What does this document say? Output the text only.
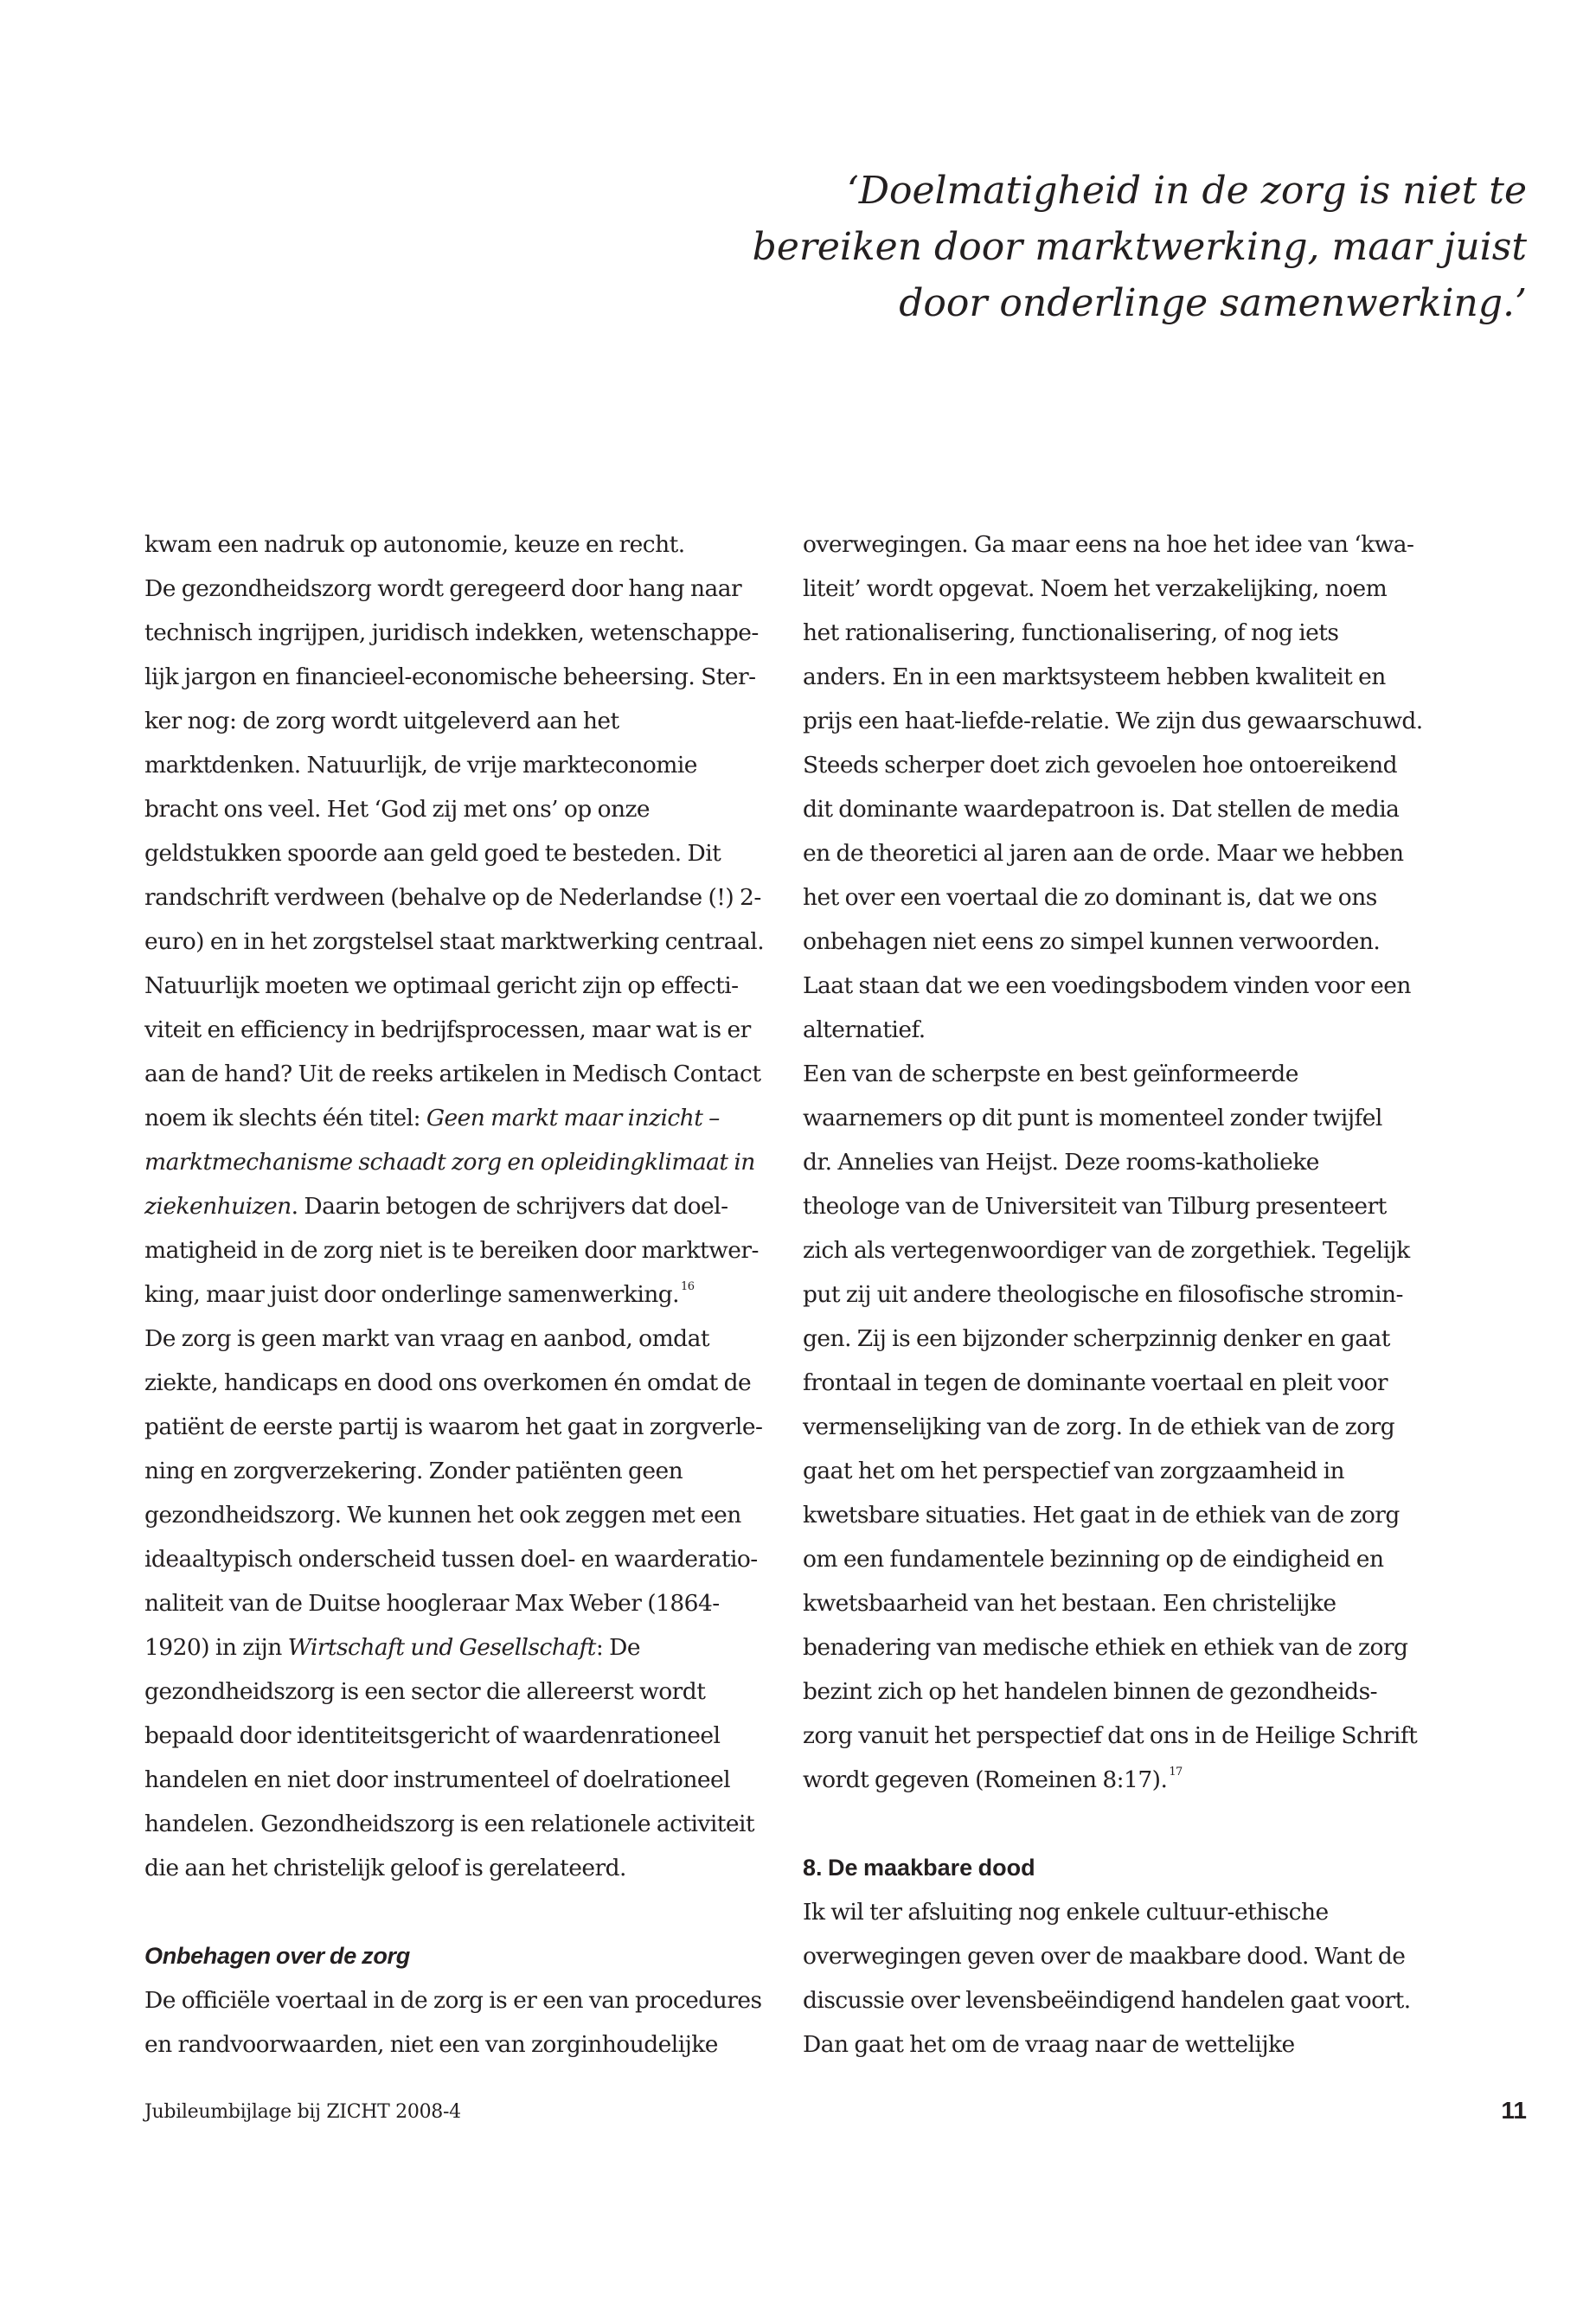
‘Doelmatigheid in de zorg is niet te
bereiken door marktwerking, maar juist
door onderlinge samenwerking.’
kwam een nadruk op autonomie, keuze en recht.
De gezondheidszorg wordt geregeerd door hang naar
technisch ingrijpen, juridisch indekken, wetenschappe-
lijk jargon en financieel-economische beheersing. Ster-
ker nog: de zorg wordt uitgeleverd aan het
marktdenken. Natuurlijk, de vrije markteconomie
bracht ons veel. Het ‘God zij met ons’ op onze
geldstukken spoorde aan geld goed te besteden. Dit
randschrift verdween (behalve op de Nederlandse (!) 2-
euro) en in het zorgstelsel staat marktwerking centraal.
Natuurlijk moeten we optimaal gericht zijn op effecti-
viteit en efficiency in bedrijfsprocessen, maar wat is er
aan de hand? Uit de reeks artikelen in Medisch Contact
noem ik slechts één titel: Geen markt maar inzicht –
marktmechanisme schaadt zorg en opleidingklimaat in
ziekenhuizen. Daarin betogen de schrijvers dat doel-
matigheid in de zorg niet is te bereiken door marktwer-
king, maar juist door onderlinge samenwerking. $^{16}$
De zorg is geen markt van vraag en aanbod, omdat
ziekte, handicaps en dood ons overkomen én omdat de
patiënt de eerste partij is waarom het gaat in zorgverle-
ning en zorgverzekering. Zonder patiënten geen
gezondheidszorg. We kunnen het ook zeggen met een
ideaaltypisch onderscheid tussen doel- en waarderatio-
naliteit van de Duitse hoogleraar Max Weber (1864-
1920) in zijn Wirtschaft und Gesellschaft: De
gezondheidszorg is een sector die allereerst wordt
bepaald door identiteitsgericht of waardenrationeel
handelen en niet door instrumenteel of doelrationeel
handelen. Gezondheidszorg is een relationele activiteit
die aan het christelijk geloof is gerelateerd.
Onbehagen over de zorg
De officiële voertaal in de zorg is er een van procedures
en randvoorwaarden, niet een van zorginhoudelijke
overwegingen. Ga maar eens na hoe het idee van ‘kwa-
liteit’ wordt opgevat. Noem het verzakelijking, noem
het rationalisering, functionalisering, of nog iets
anders. En in een marktsysteem hebben kwaliteit en
prijs een haat-liefde-relatie. We zijn dus gewaarschuwd.
Steeds scherper doet zich gevoelen hoe ontoereikend
dit dominante waardepatroon is. Dat stellen de media
en de theoretici al jaren aan de orde. Maar we hebben
het over een voertaal die zo dominant is, dat we ons
onbehagen niet eens zo simpel kunnen verwoorden.
Laat staan dat we een voedingsbodem vinden voor een
alternatief.
Een van de scherpste en best geïnformeerde
waarnemers op dit punt is momenteel zonder twijfel
dr. Annelies van Heijst. Deze rooms-katholieke
theologe van de Universiteit van Tilburg presenteert
zich als vertegenwoordiger van de zorgethiek. Tegelijk
put zij uit andere theologische en filosofische stromin-
gen. Zij is een bijzonder scherpzinnig denker en gaat
frontaal in tegen de dominante voertaal en pleit voor
vermenselijking van de zorg. In de ethiek van de zorg
gaat het om het perspectief van zorgzaamheid in
kwetsbare situaties. Het gaat in de ethiek van de zorg
om een fundamentele bezinning op de eindigheid en
kwetsbaarheid van het bestaan. Een christelijke
benadering van medische ethiek en ethiek van de zorg
bezint zich op het handelen binnen de gezondheids-
zorg vanuit het perspectief dat ons in de Heilige Schrift
wordt gegeven (Romeinen 8:17). $^{17}$
8. De maakbare dood
Ik wil ter afsluiting nog enkele cultuur-ethische
overwegingen geven over de maakbare dood. Want de
discussie over levensbeëindigend handelen gaat voort.
Dan gaat het om de vraag naar de wettelijke
Jubileumbijlage bij ZICHT 2008-4	11
